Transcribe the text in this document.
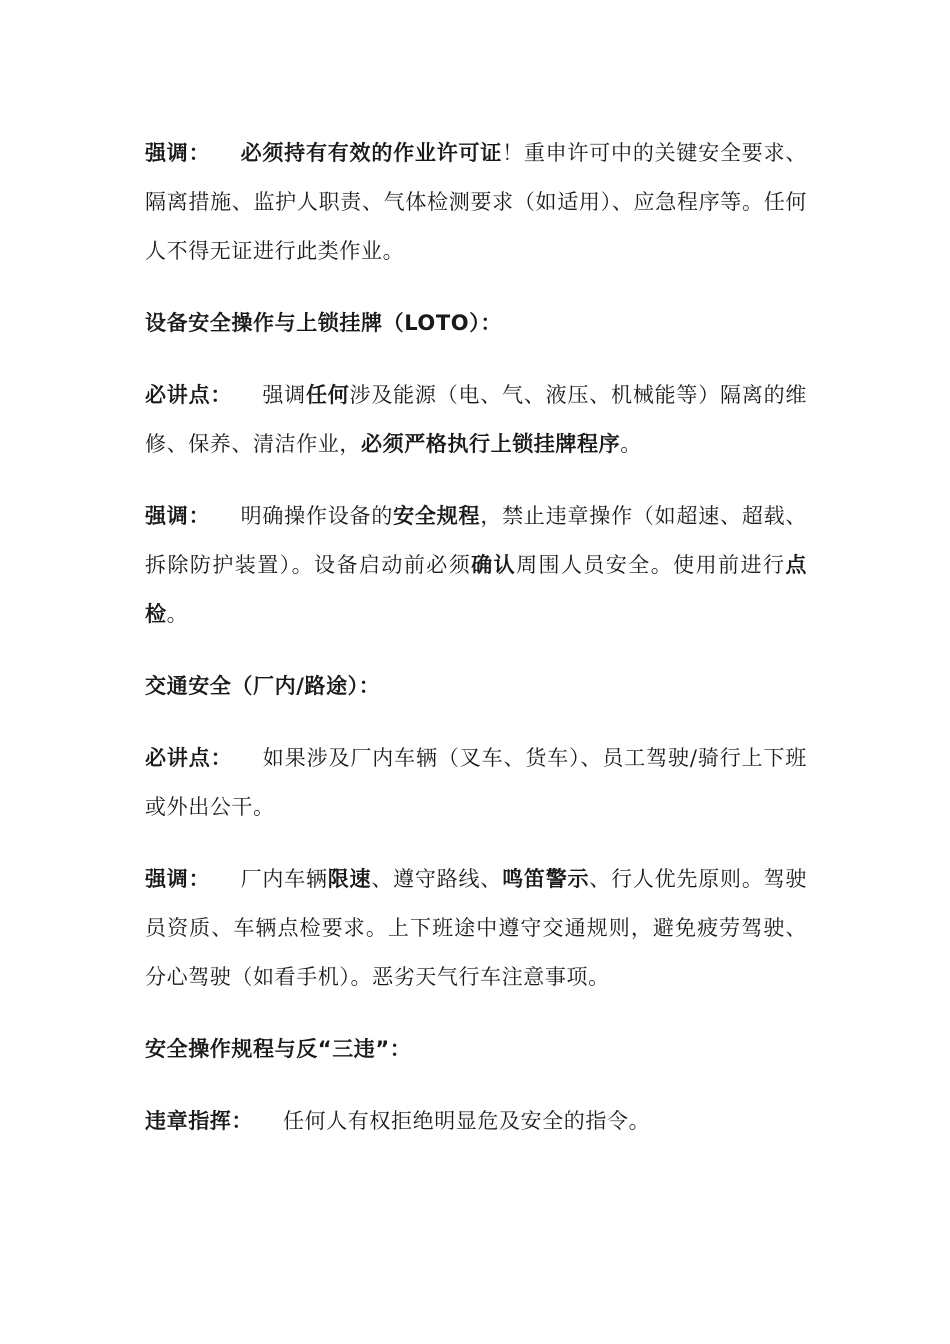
强调： 必须持有有效的作业许可证！重申许可中的关键安全要求、隔离措施、监护人职责、气体检测要求（如适用）、应急程序等。任何人不得无证进行此类作业。
设备安全操作与上锁挂牌（LOTO）：
必讲点： 强调任何涉及能源（电、气、液压、机械能等）隔离的维修、保养、清洁作业，必须严格执行上锁挂牌程序。
强调： 明确操作设备的安全规程，禁止违章操作（如超速、超载、拆除防护装置）。设备启动前必须确认周围人员安全。使用前进行点检。
交通安全（厂内/路途）：
必讲点： 如果涉及厂内车辆（叉车、货车）、员工驾驶/骑行上下班或外出公干。
强调： 厂内车辆限速、遵守路线、鸣笛警示、行人优先原则。驾驶员资质、车辆点检要求。上下班途中遵守交通规则，避免疲劳驾驶、分心驾驶（如看手机）。恶劣天气行车注意事项。
安全操作规程与反“三违”：
违章指挥： 任何人有权拒绝明显危及安全的指令。
